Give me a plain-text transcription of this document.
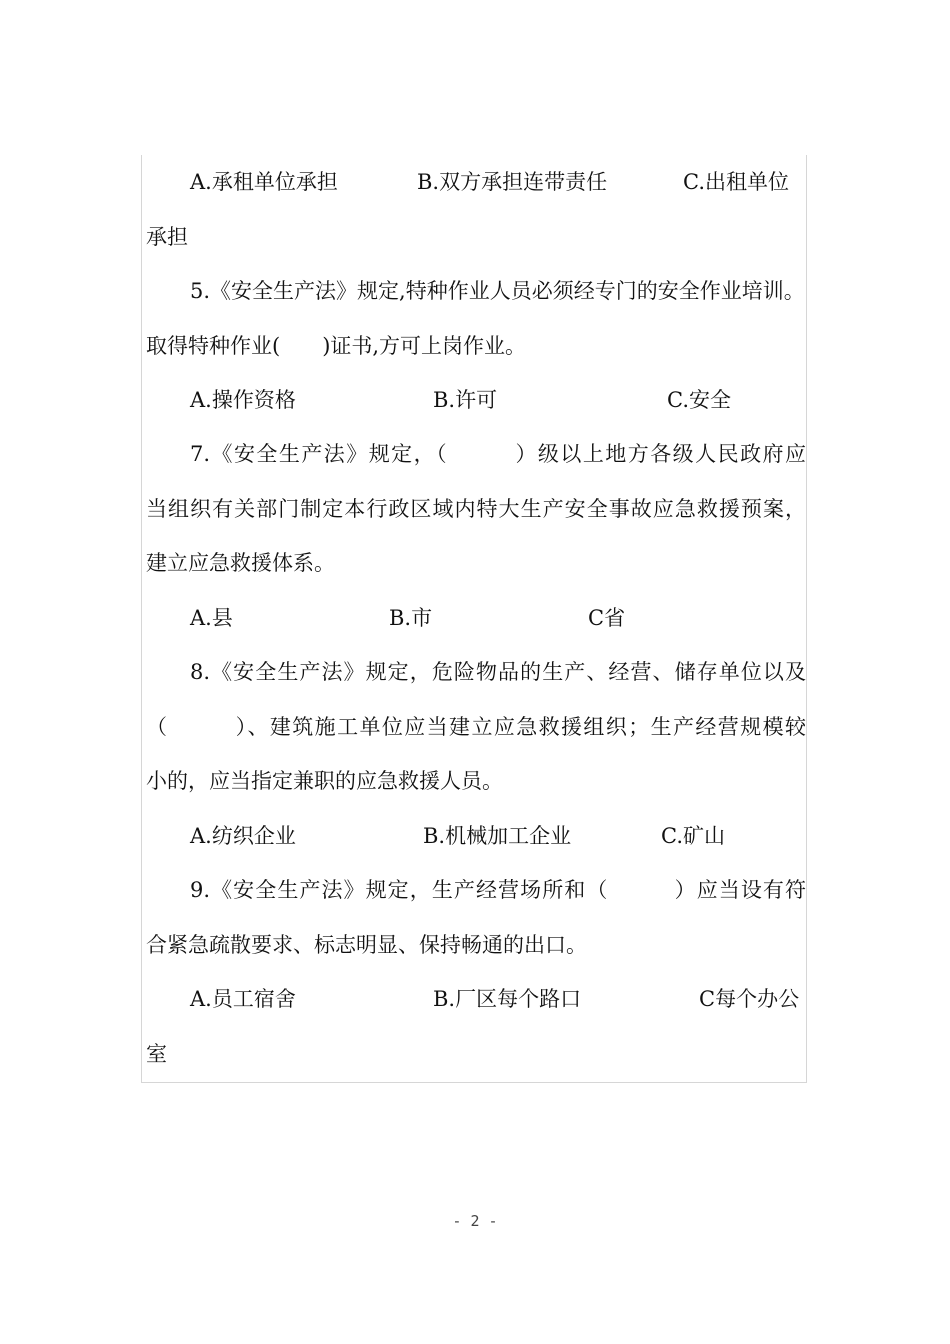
A.承租单位承担	B.双方承担连带责任	C.出租单位
承担
5.《安全生产法》规定,特种作业人员必须经专门的安全作业培训。
取得特种作业(　　)证书,方可上岗作业。
A.操作资格	B.许可	C.安全
7.《安全生产法》规定，（　　　）级以上地方各级人民政府应
当组织有关部门制定本行政区域内特大生产安全事故应急救援预案，
建立应急救援体系。
A.县	B.市	C省
8.《安全生产法》规定，危险物品的生产、经营、储存单位以及
（　　　）、建筑施工单位应当建立应急救援组织；生产经营规模较
小的，应当指定兼职的应急救援人员。
A.纺织企业	B.机械加工企业	C.矿山
9.《安全生产法》规定，生产经营场所和（　　　）应当设有符
合紧急疏散要求、标志明显、保持畅通的出口。
A.员工宿舍	B.厂区每个路口	C每个办公
室
- 2 -
